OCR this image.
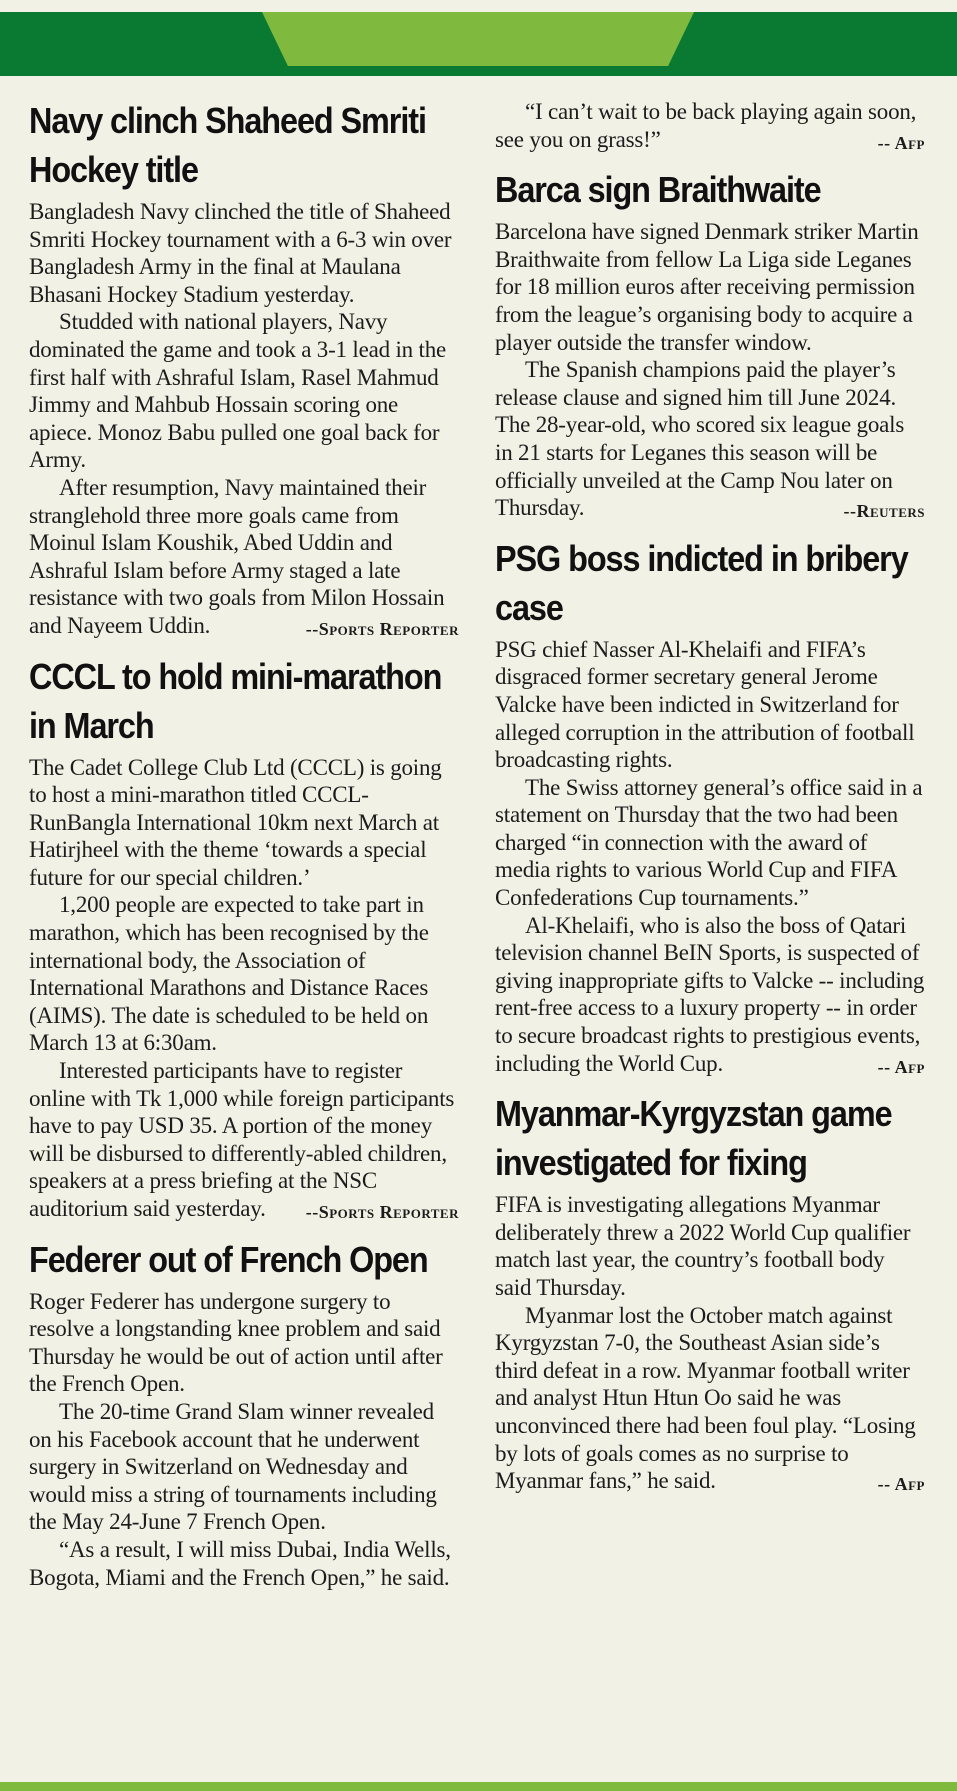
Navy clinch Shaheed Smriti Hockey title

Bangladesh Navy clinched the title of Shaheed Smriti Hockey tournament with a 6-3 win over Bangladesh Army in the final at Maulana Bhasani Hockey Stadium yesterday.

Studded with national players, Navy dominated the game and took a 3-1 lead in the first half with Ashraful Islam, Rasel Mahmud Jimmy and Mahbub Hossain scoring one apiece. Monoz Babu pulled one goal back for Army.

After resumption, Navy maintained their stranglehold three more goals came from Moinul Islam Koushik, Abed Uddin and Ashraful Islam before Army staged a late resistance with two goals from Milon Hossain and Nayeem Uddin.	--Sports Reporter

CCCL to hold mini-marathon in March

The Cadet College Club Ltd (CCCL) is going to host a mini-marathon titled CCCL-RunBangla International 10km next March at Hatirjheel with the theme ‘towards a special future for our special children.’

1,200 people are expected to take part in marathon, which has been recognised by the international body, the Association of International Marathons and Distance Races (AIMS). The date is scheduled to be held on March 13 at 6:30am.

Interested participants have to register online with Tk 1,000 while foreign participants have to pay USD 35. A portion of the money will be disbursed to differently-abled children, speakers at a press briefing at the NSC auditorium said yesterday.	--Sports Reporter

Federer out of French Open

Roger Federer has undergone surgery to resolve a longstanding knee problem and said Thursday he would be out of action until after the French Open.

The 20-time Grand Slam winner revealed on his Facebook account that he underwent surgery in Switzerland on Wednesday and would miss a string of tournaments including the May 24-June 7 French Open.

“As a result, I will miss Dubai, India Wells, Bogota, Miami and the French Open,” he said.

“I can’t wait to be back playing again soon, see you on grass!”	-- Afp

Barca sign Braithwaite

Barcelona have signed Denmark striker Martin Braithwaite from fellow La Liga side Leganes for 18 million euros after receiving permission from the league’s organising body to acquire a player outside the transfer window.

The Spanish champions paid the player’s release clause and signed him till June 2024. The 28-year-old, who scored six league goals in 21 starts for Leganes this season will be officially unveiled at the Camp Nou later on Thursday.	--Reuters

PSG boss indicted in bribery case

PSG chief Nasser Al-Khelaifi and FIFA’s disgraced former secretary general Jerome Valcke have been indicted in Switzerland for alleged corruption in the attribution of football broadcasting rights.

The Swiss attorney general’s office said in a statement on Thursday that the two had been charged “in connection with the award of media rights to various World Cup and FIFA Confederations Cup tournaments.”

Al-Khelaifi, who is also the boss of Qatari television channel BeIN Sports, is suspected of giving inappropriate gifts to Valcke -- including rent-free access to a luxury property -- in order to secure broadcast rights to prestigious events, including the World Cup.	-- Afp

Myanmar-Kyrgyzstan game investigated for fixing

FIFA is investigating allegations Myanmar deliberately threw a 2022 World Cup qualifier match last year, the country’s football body said Thursday.

Myanmar lost the October match against Kyrgyzstan 7-0, the Southeast Asian side’s third defeat in a row. Myanmar football writer and analyst Htun Htun Oo said he was unconvinced there had been foul play. “Losing by lots of goals comes as no surprise to Myanmar fans,” he said.	-- Afp
